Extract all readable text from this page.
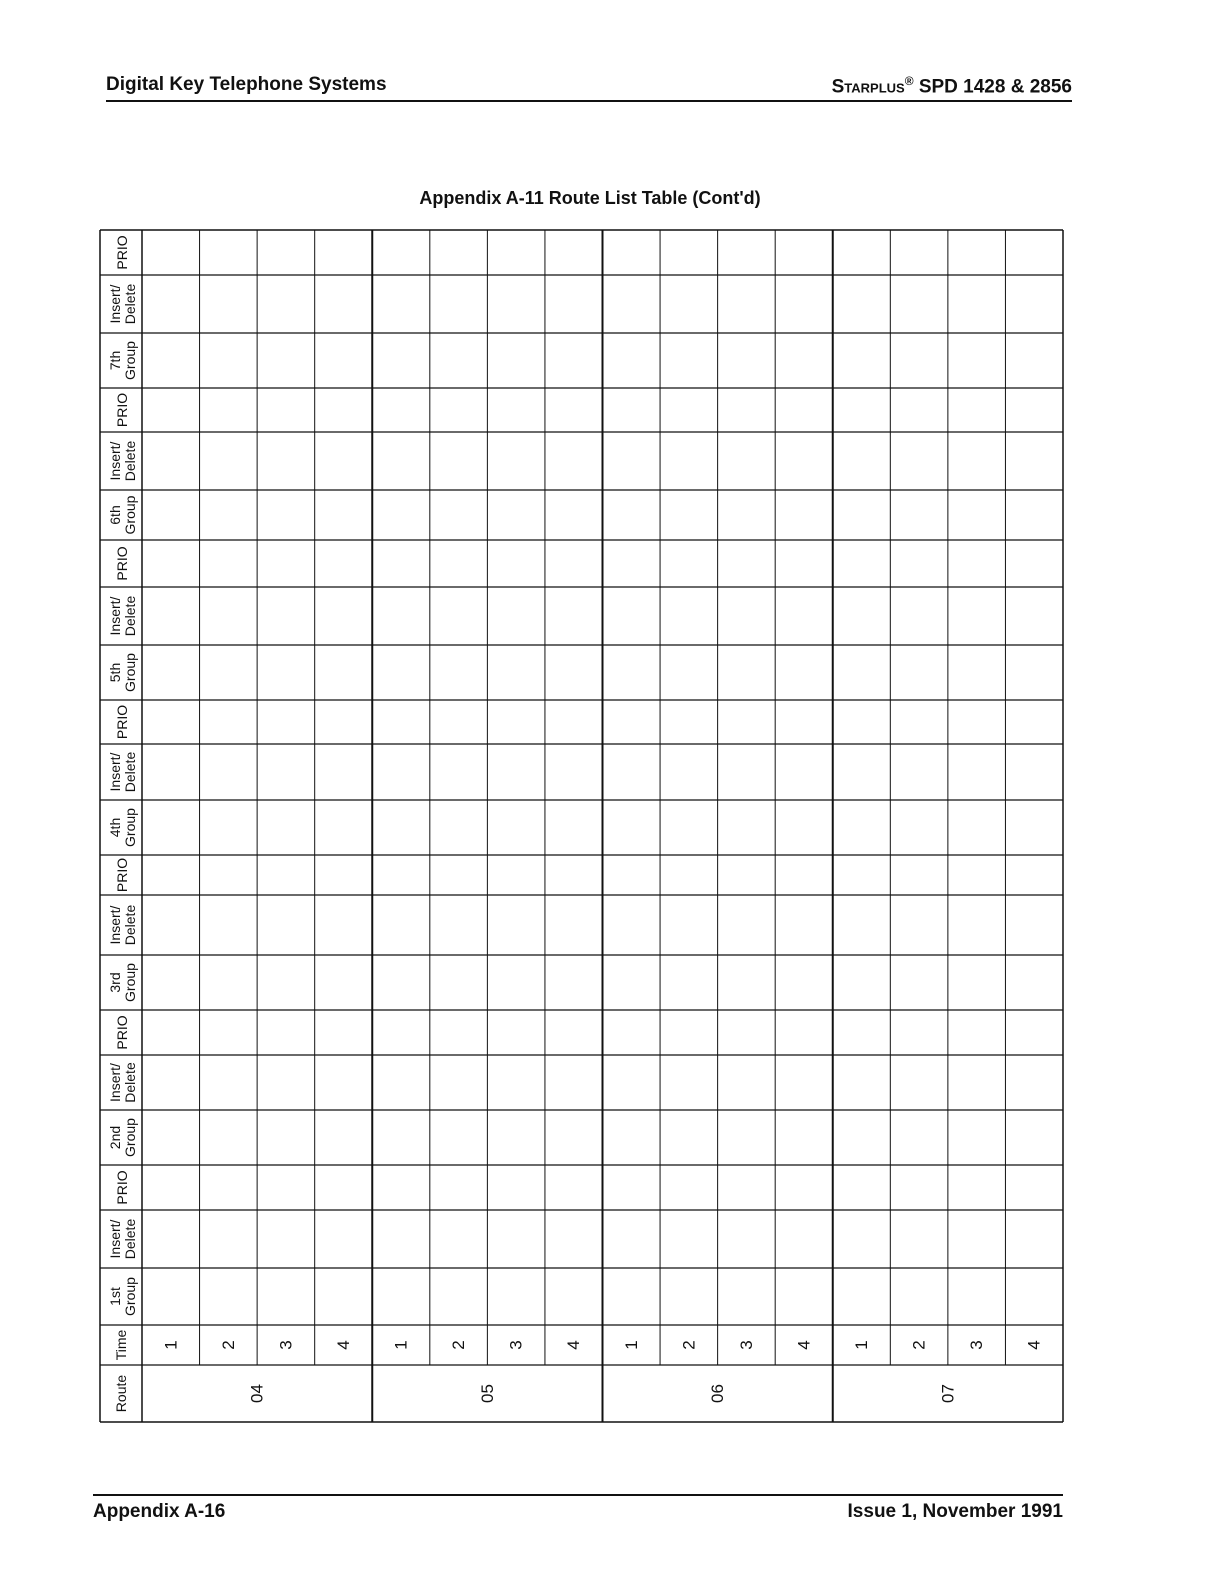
Digital Key Telephone Systems	Starplus® SPD 1428 & 2856
Appendix A-11 Route List Table (Cont'd)
PRIO
Insert/ Delete
7th Group
PRIO
Insert/ Delete
6th Group
PRIO
Insert/ Delete
5th Group
PRIO
Insert/ Delete
4th Group
PRIO
Insert/ Delete
3rd Group
PRIO
Insert/ Delete
2nd Group
PRIO
Insert/ Delete
1st Group
Time
Route
1 2 3 4
04
1 2 3 4
05
1 2 3 4
06
1 2 3 4
07
Appendix A-16	Issue 1, November 1991
